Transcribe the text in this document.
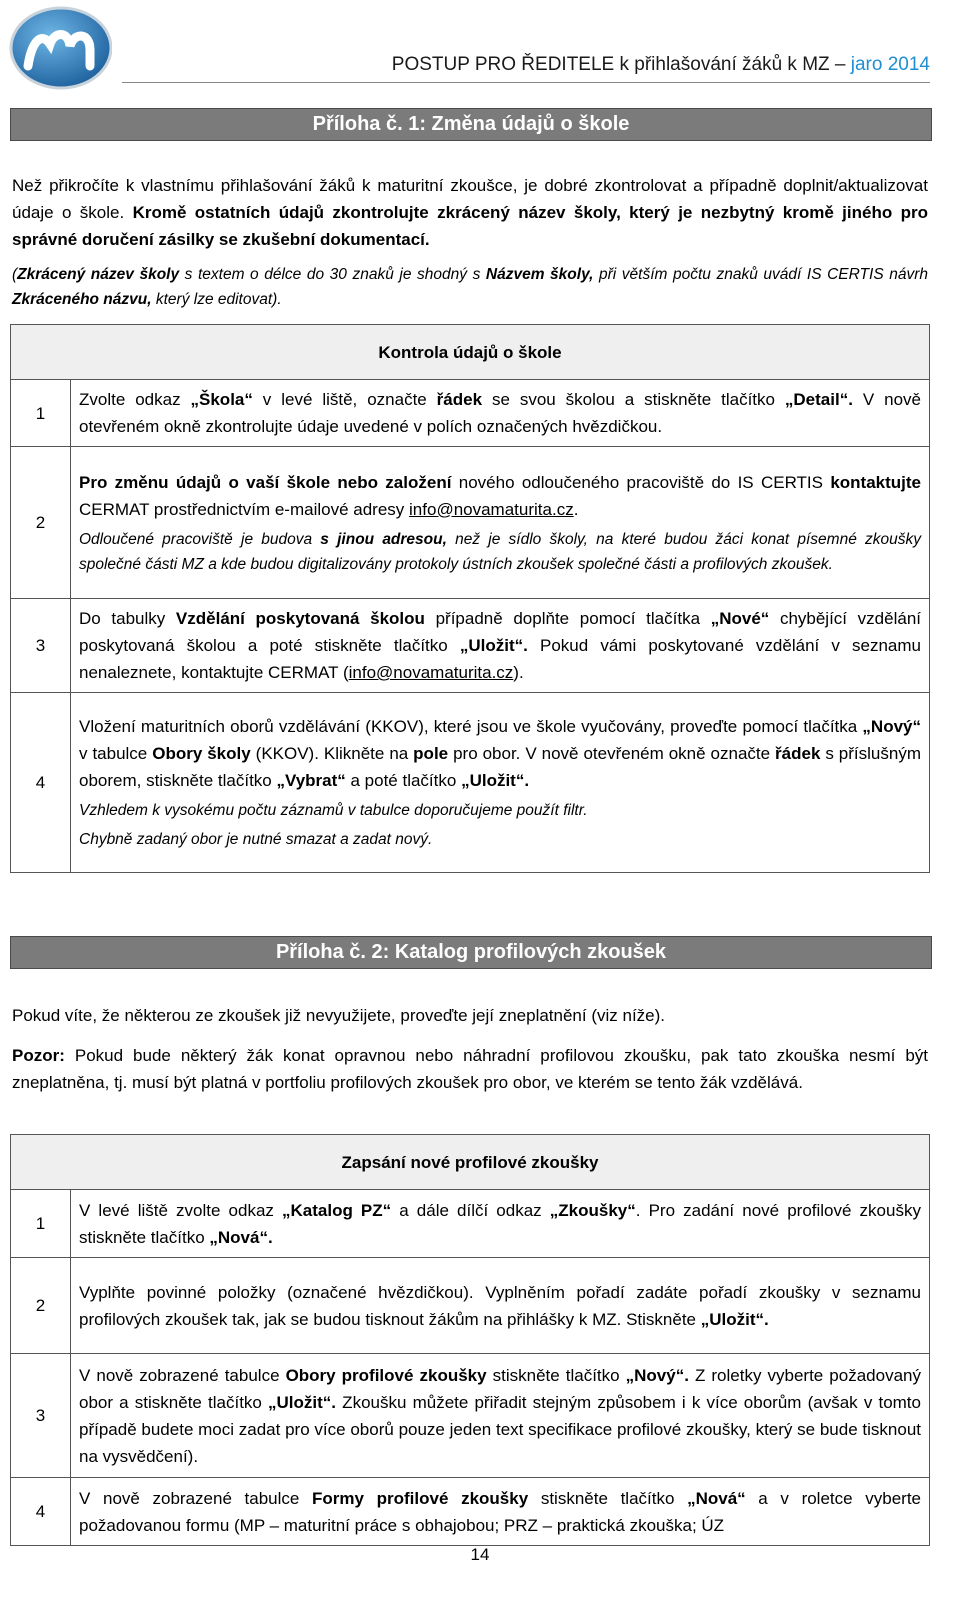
POSTUP PRO ŘEDITELE k přihlašování žáků k MZ – jaro 2014
Příloha č. 1: Změna údajů o škole
Než přikročíte k vlastnímu přihlašování žáků k maturitní zkoušce, je dobré zkontrolovat a případně doplnit/aktualizovat údaje o škole. Kromě ostatních údajů zkontrolujte zkrácený název školy, který je nezbytný kromě jiného pro správné doručení zásilky se zkušební dokumentací.
(Zkrácený název školy s textem o délce do 30 znaků je shodný s Názvem školy, při větším počtu znaků uvádí IS CERTIS návrh Zkráceného názvu, který lze editovat).
Kontrola údajů o škole	
1	Zvolte odkaz „Škola“ v levé liště, označte řádek se svou školou a stiskněte tlačítko „Detail“. V nově otevřeném okně zkontrolujte údaje uvedené v polích označených hvězdičkou.
2	Pro změnu údajů o vaší škole nebo založení nového odloučeného pracoviště do IS CERTIS kontaktujte CERMAT prostřednictvím e-mailové adresy info@novamaturita.cz.

Odloučené pracoviště je budova s jinou adresou, než je sídlo školy, na které budou žáci konat písemné zkoušky společné části MZ a kde budou digitalizovány protokoly ústních zkoušek společné části a profilových zkoušek.

3	Do tabulky Vzdělání poskytovaná školou případně doplňte pomocí tlačítka „Nové“ chybějící vzdělání poskytovaná školou a poté stiskněte tlačítko „Uložit“. Pokud vámi poskytované vzdělání v seznamu nenaleznete, kontaktujte CERMAT (info@novamaturita.cz).
4	Vložení maturitních oborů vzdělávání (KKOV), které jsou ve škole vyučovány, proveďte pomocí tlačítka „Nový“ v tabulce Obory školy (KKOV). Klikněte na pole pro obor. V nově otevřeném okně označte řádek s příslušným oborem, stiskněte tlačítko „Vybrat“ a poté tlačítko „Uložit“.

Vzhledem k vysokému počtu záznamů v tabulce doporučujeme použít filtr.

Chybně zadaný obor je nutné smazat a zadat nový.

Příloha č. 2: Katalog profilových zkoušek
Pokud víte, že některou ze zkoušek již nevyužijete, proveďte její zneplatnění (viz níže).
Pozor: Pokud bude některý žák konat opravnou nebo náhradní profilovou zkoušku, pak tato zkouška nesmí být zneplatněna, tj. musí být platná v portfoliu profilových zkoušek pro obor, ve kterém se tento žák vzdělává.
Zapsání nové profilové zkoušky	
1	V levé liště zvolte odkaz „Katalog PZ“ a dále dílčí odkaz „Zkoušky“. Pro zadání nové profilové zkoušky stiskněte tlačítko „Nová“.
2	Vyplňte povinné položky (označené hvězdičkou). Vyplněním pořadí zadáte pořadí zkoušky v seznamu profilových zkoušek tak, jak se budou tisknout žákům na přihlášky k MZ. Stiskněte „Uložit“.
3	V nově zobrazené tabulce Obory profilové zkoušky stiskněte tlačítko „Nový“. Z roletky vyberte požadovaný obor a stiskněte tlačítko „Uložit“. Zkoušku můžete přiřadit stejným způsobem i k více oborům (avšak v tomto případě budete moci zadat pro více oborů pouze jeden text specifikace profilové zkoušky, který se bude tisknout na vysvědčení).
4	V nově zobrazené tabulce Formy profilové zkoušky stiskněte tlačítko „Nová“ a v roletce vyberte požadovanou formu (MP – maturitní práce s obhajobou; PRZ – praktická zkouška; ÚZ
14
